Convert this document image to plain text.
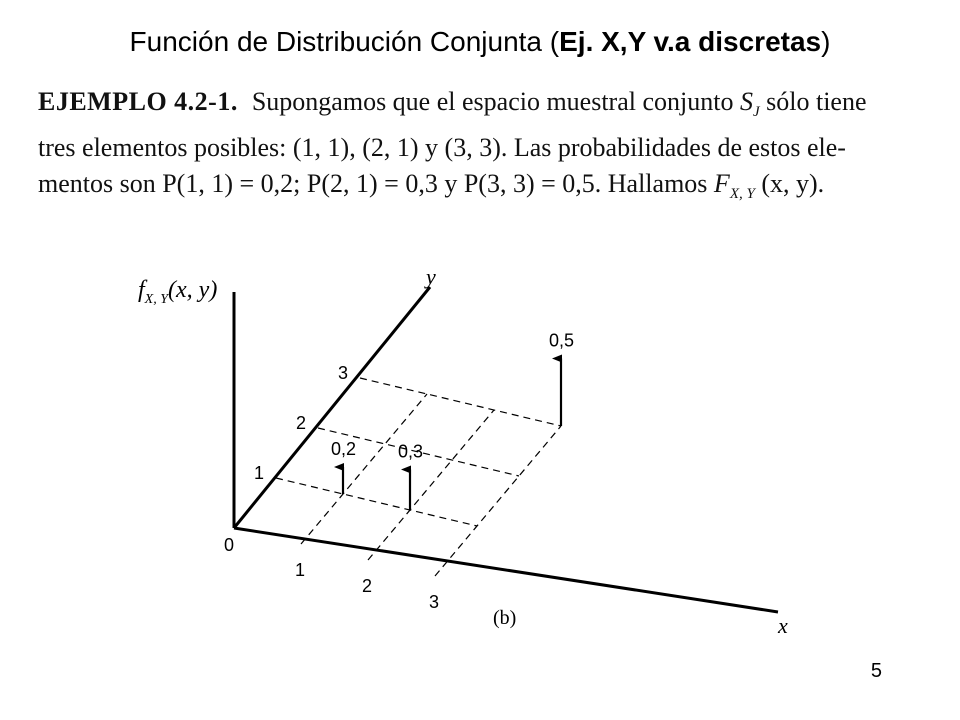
Función de Distribución Conjunta (Ej. X,Y v.a discretas)
EJEMPLO 4.2-1. Supongamos que el espacio muestral conjunto $S_J$ sólo tiene
tres elementos posibles: (1, 1), (2, 1) y (3, 3). Las probabilidades de estos ele-
mentos son P(1, 1) = 0,2; P(2, 1) = 0,3 y P(3, 3) = 0,5. Hallamos $F_{X, Y}$ (x, y).
0,2 0,3
0,5
1
2
3
1
2
3
$f_{X, Y}(x$, y)
y
x
0
(b)
5
